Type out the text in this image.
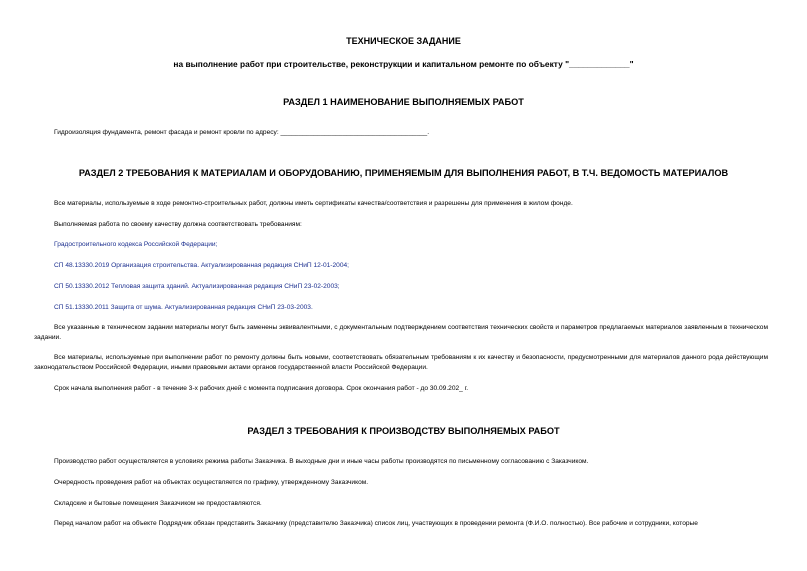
ТЕХНИЧЕСКОЕ ЗАДАНИЕ
на выполнение работ при строительстве, реконструкции и капитальном ремонте по объекту "_____________"
РАЗДЕЛ 1 НАИМЕНОВАНИЕ ВЫПОЛНЯЕМЫХ РАБОТ
Гидроизоляция фундамента, ремонт фасада и ремонт кровли по адресу: ________________________________________.
РАЗДЕЛ 2 ТРЕБОВАНИЯ К МАТЕРИАЛАМ И ОБОРУДОВАНИЮ, ПРИМЕНЯЕМЫМ ДЛЯ ВЫПОЛНЕНИЯ РАБОТ, В Т.Ч. ВЕДОМОСТЬ МАТЕРИАЛОВ
Все материалы, используемые в ходе ремонтно-строительных работ, должны иметь сертификаты качества/соответствия и разрешены для применения в жилом фонде.
Выполняемая работа по своему качеству должна соответствовать требованиям:
Градостроительного кодекса Российской Федерации;
СП 48.13330.2019 Организация строительства. Актуализированная редакция СНиП 12-01-2004;
СП 50.13330.2012 Тепловая защита зданий. Актуализированная редакция СНиП 23-02-2003;
СП 51.13330.2011 Защита от шума. Актуализированная редакция СНиП 23-03-2003.
Все указанные в техническом задании материалы могут быть заменены эквивалентными, с документальным подтверждением соответствия технических свойств и параметров предлагаемых материалов заявленным в техническом задании.
Все материалы, используемые при выполнении работ по ремонту должны быть новыми, соответствовать обязательным требованиям к их качеству и безопасности, предусмотренными для материалов данного рода действующим законодательством Российской Федерации, иными правовыми актами органов государственной власти Российской Федерации.
Срок начала выполнения работ - в течение 3-х рабочих дней с момента подписания договора. Срок окончания работ - до 30.09.202_ г.
РАЗДЕЛ 3 ТРЕБОВАНИЯ К ПРОИЗВОДСТВУ ВЫПОЛНЯЕМЫХ РАБОТ
Производство работ осуществляется в условиях режима работы Заказчика. В выходные дни и иные часы работы производятся по письменному согласованию с Заказчиком.
Очередность проведения работ на объектах осуществляется по графику, утвержденному Заказчиком.
Складские и бытовые помещения Заказчиком не предоставляются.
Перед началом работ на объекте Подрядчик обязан представить Заказчику (представителю Заказчика) список лиц, участвующих в проведении ремонта (Ф.И.О. полностью). Все рабочие и сотрудники, которые
